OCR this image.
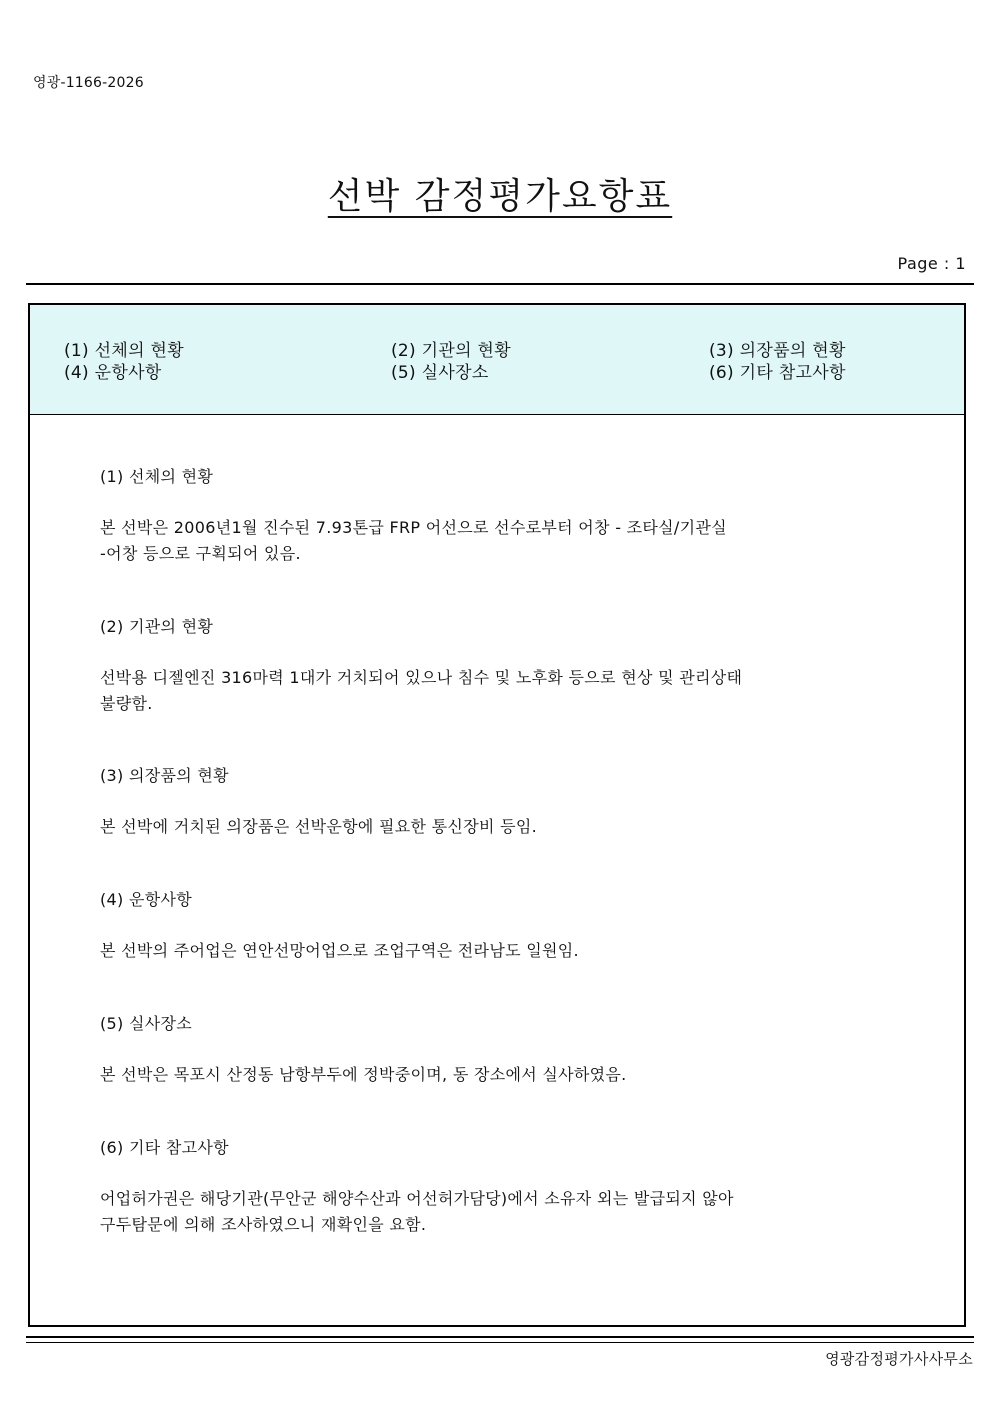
영광-1166-2026
선박 감정평가요항표
Page : 1
(1) 선체의 현황	(2) 기관의 현황	(3) 의장품의 현황
(4) 운항사항	(5) 실사장소	(6) 기타 참고사항

(1) 선체의 현황

본 선박은 2006년1월 진수된 7.93톤급 FRP 어선으로 선수로부터 어창 - 조타실/기관실
-어창 등으로 구획되어 있음.

(2) 기관의 현황

선박용 디젤엔진 316마력 1대가 거치되어 있으나 침수 및 노후화 등으로 현상 및 관리상태
불량함.

(3) 의장품의 현황

본 선박에 거치된 의장품은 선박운항에 필요한 통신장비 등임.

(4) 운항사항

본 선박의 주어업은 연안선망어업으로 조업구역은 전라남도 일원임.

(5) 실사장소

본 선박은 목포시 산정동 남항부두에 정박중이며, 동 장소에서 실사하였음.

(6) 기타 참고사항

어업허가권은 해당기관(무안군 해양수산과 어선허가담당)에서 소유자 외는 발급되지 않아
구두탐문에 의해 조사하였으니 재확인을 요함.

영광감정평가사사무소
